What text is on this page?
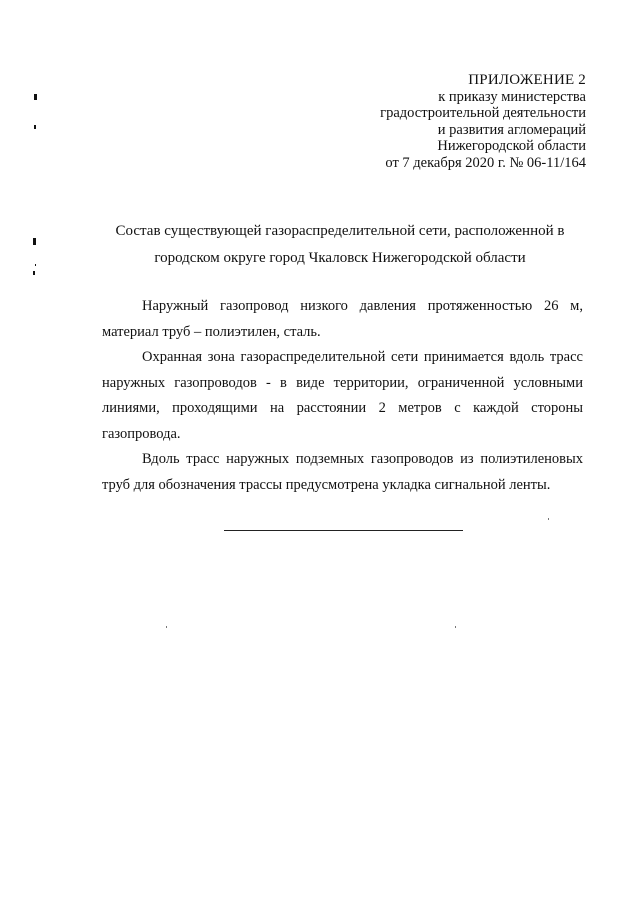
ПРИЛОЖЕНИЕ 2
к приказу министерства
градостроительной деятельности
и развития агломераций
Нижегородской области
от 7 декабря 2020 г. № 06-11/164
Состав существующей газораспределительной сети, расположенной в
городском округе город Чкаловск Нижегородской области

Наружный газопровод низкого давления протяженностью 26 м, материал труб – полиэтилен, сталь.

Охранная зона газораспределительной сети принимается вдоль трасс наружных газопроводов - в виде территории, ограниченной условными линиями, проходящими на расстоянии 2 метров с каждой стороны газопровода.

Вдоль трасс наружных подземных газопроводов из полиэтиленовых труб для обозначения трассы предусмотрена укладка сигнальной ленты.
